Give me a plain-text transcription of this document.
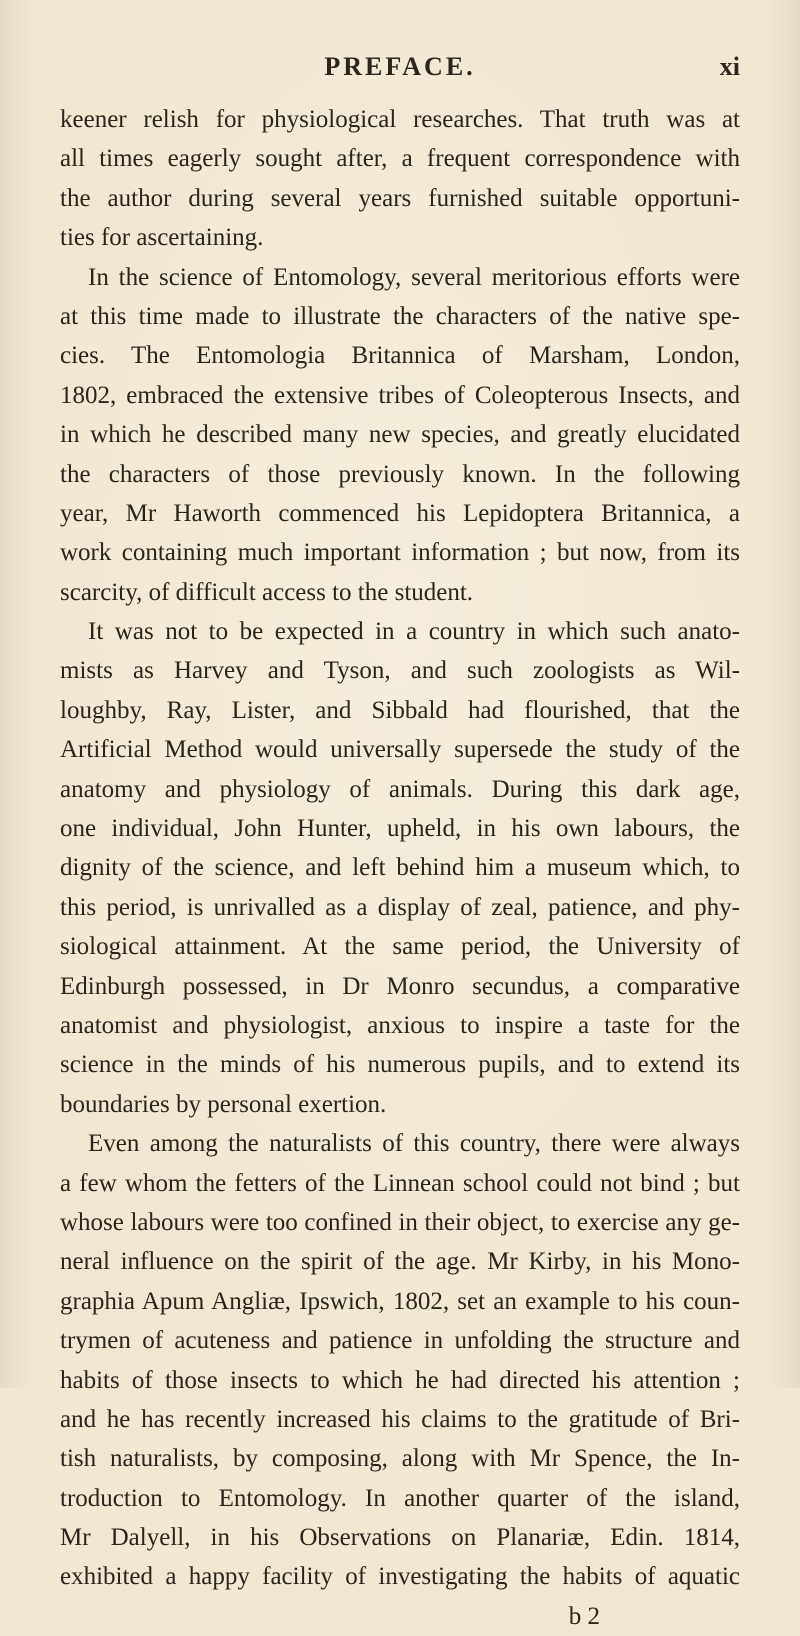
PREFACE.	xi
keener relish for physiological researches. That truth was at
all times eagerly sought after, a frequent correspondence with
the author during several years furnished suitable opportuni-
ties for ascertaining.
In the science of Entomology, several meritorious efforts were
at this time made to illustrate the characters of the native spe-
cies. The Entomologia Britannica of Marsham, London,
1802, embraced the extensive tribes of Coleopterous Insects, and
in which he described many new species, and greatly elucidated
the characters of those previously known. In the following
year, Mr Haworth commenced his Lepidoptera Britannica, a
work containing much important information ; but now, from its
scarcity, of difficult access to the student.
It was not to be expected in a country in which such anato-
mists as Harvey and Tyson, and such zoologists as Wil-
loughby, Ray, Lister, and Sibbald had flourished, that the
Artificial Method would universally supersede the study of the
anatomy and physiology of animals. During this dark age,
one individual, John Hunter, upheld, in his own labours, the
dignity of the science, and left behind him a museum which, to
this period, is unrivalled as a display of zeal, patience, and phy-
siological attainment. At the same period, the University of
Edinburgh possessed, in Dr Monro secundus, a comparative
anatomist and physiologist, anxious to inspire a taste for the
science in the minds of his numerous pupils, and to extend its
boundaries by personal exertion.
Even among the naturalists of this country, there were always
a few whom the fetters of the Linnean school could not bind ; but
whose labours were too confined in their object, to exercise any ge-
neral influence on the spirit of the age. Mr Kirby, in his Mono-
graphia Apum Angliæ, Ipswich, 1802, set an example to his coun-
trymen of acuteness and patience in unfolding the structure and
habits of those insects to which he had directed his attention ;
and he has recently increased his claims to the gratitude of Bri-
tish naturalists, by composing, along with Mr Spence, the In-
troduction to Entomology. In another quarter of the island,
Mr Dalyell, in his Observations on Planariæ, Edin. 1814,
exhibited a happy facility of investigating the habits of aquatic
b 2
